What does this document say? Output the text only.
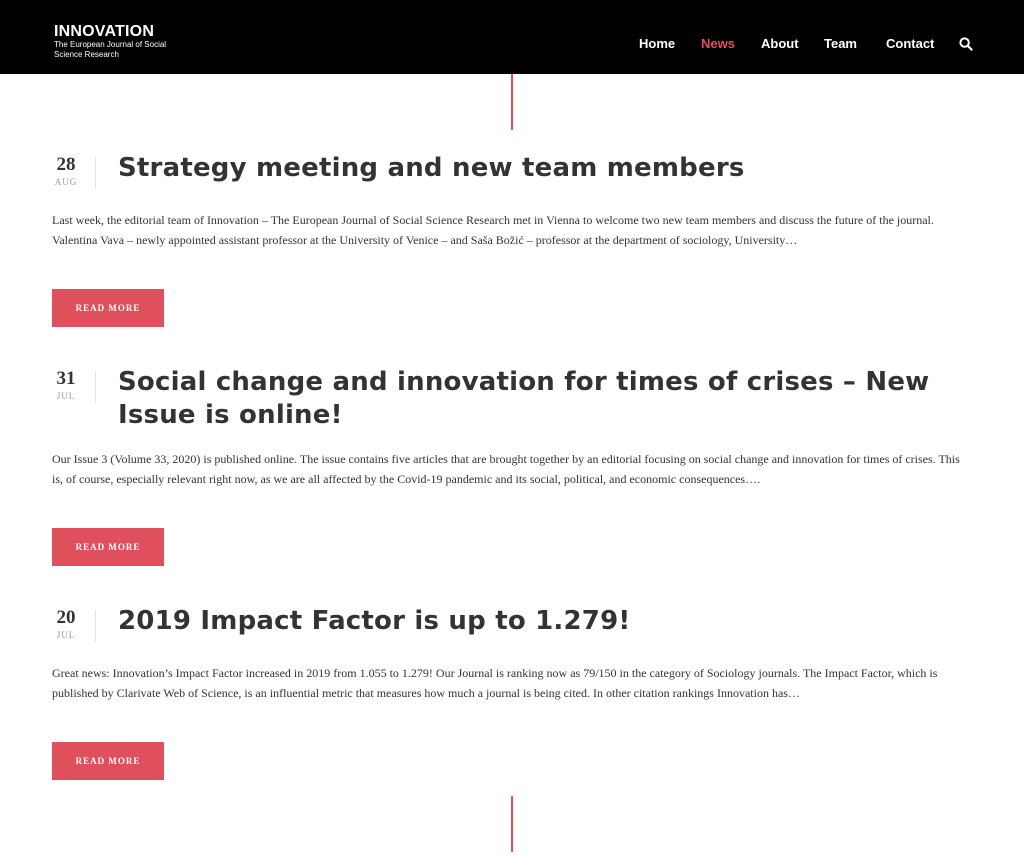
INNOVATION
The European Journal of Social Science Research
Home News About Team Contact
28
AUG Strategy meeting and new team members

Last week, the editorial team of Innovation – The European Journal of Social Science Research met in Vienna to welcome two new team members and discuss the future of the journal. Valentina Vava – newly appointed assistant professor at the University of Venice – and Saša Božić – professor at the department of sociology, University…

READ MORE
31
JUL Social change and innovation for times of crises – New Issue is online!

Our Issue 3 (Volume 33, 2020) is published online. The issue contains five articles that are brought together by an editorial focusing on social change and innovation for times of crises. This is, of course, especially relevant right now, as we are all affected by the Covid-19 pandemic and its social, political, and economic consequences….

READ MORE
20
JUL 2019 Impact Factor is up to 1.279!

Great news: Innovation’s Impact Factor increased in 2019 from 1.055 to 1.279! Our Journal is ranking now as 79/150 in the category of Sociology journals. The Impact Factor, which is published by Clarivate Web of Science, is an influential metric that measures how much a journal is being cited. In other citation rankings Innovation has…

READ MORE
